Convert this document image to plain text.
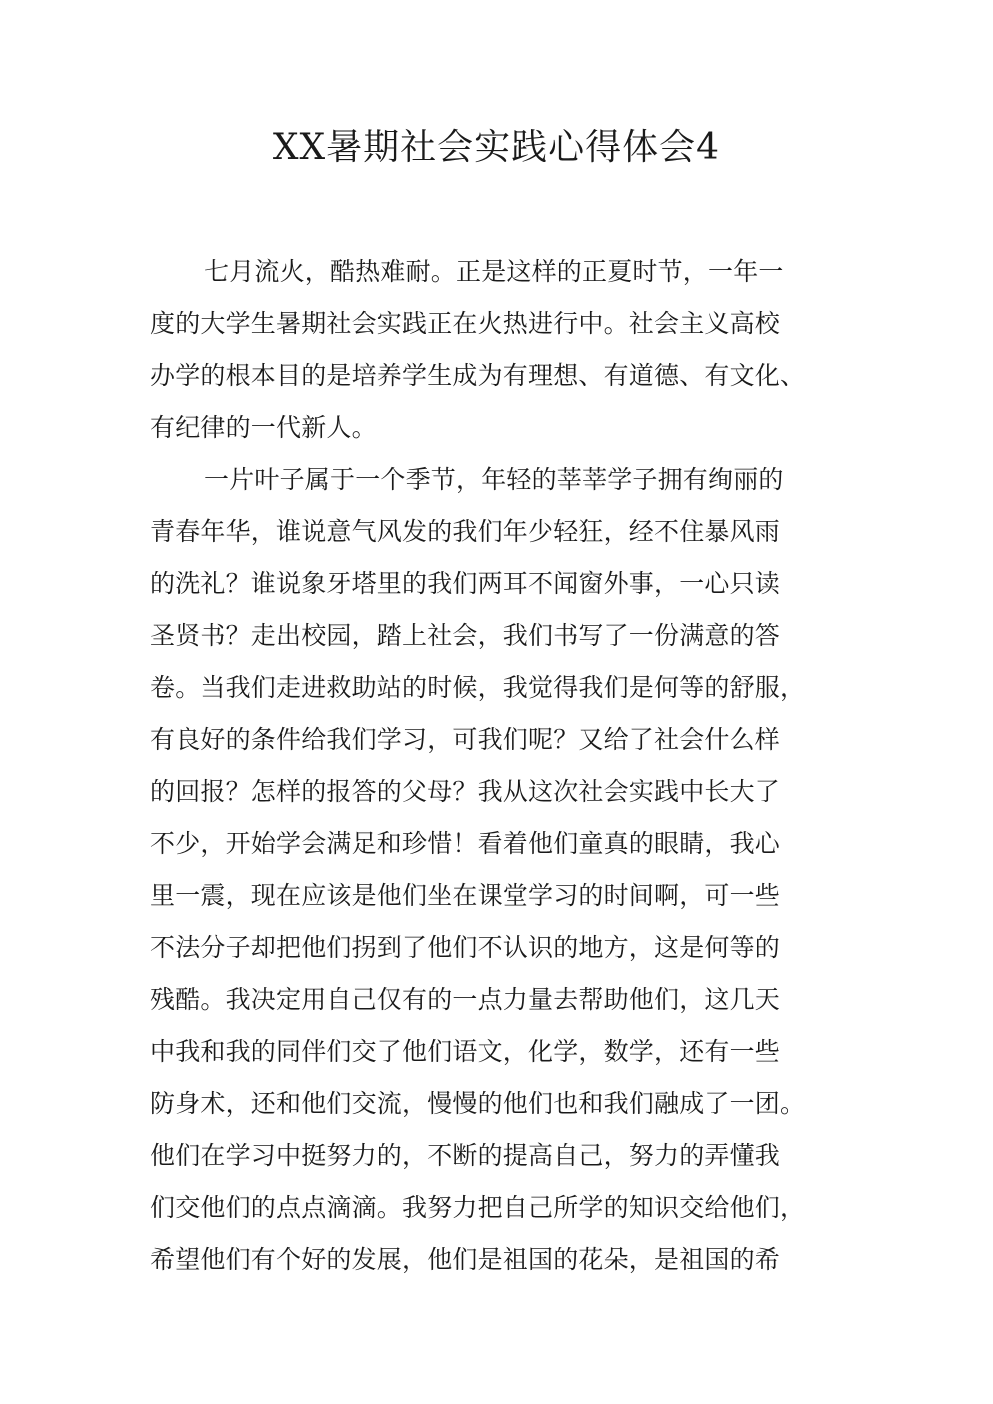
XX暑期社会实践心得体会4
七月流火，酷热难耐。正是这样的正夏时节，一年一
度的大学生暑期社会实践正在火热进行中。社会主义高校
办学的根本目的是培养学生成为有理想、有道德、有文化、
有纪律的一代新人。
一片叶子属于一个季节，年轻的莘莘学子拥有绚丽的
青春年华，谁说意气风发的我们年少轻狂，经不住暴风雨
的洗礼？谁说象牙塔里的我们两耳不闻窗外事，一心只读
圣贤书？走出校园，踏上社会，我们书写了一份满意的答
卷。当我们走进救助站的时候，我觉得我们是何等的舒服，
有良好的条件给我们学习，可我们呢？又给了社会什么样
的回报？怎样的报答的父母？我从这次社会实践中长大了
不少，开始学会满足和珍惜！看着他们童真的眼睛，我心
里一震，现在应该是他们坐在课堂学习的时间啊，可一些
不法分子却把他们拐到了他们不认识的地方，这是何等的
残酷。我决定用自己仅有的一点力量去帮助他们，这几天
中我和我的同伴们交了他们语文，化学，数学，还有一些
防身术，还和他们交流，慢慢的他们也和我们融成了一团。
他们在学习中挺努力的，不断的提高自己，努力的弄懂我
们交他们的点点滴滴。我努力把自己所学的知识交给他们，
希望他们有个好的发展，他们是祖国的花朵，是祖国的希
